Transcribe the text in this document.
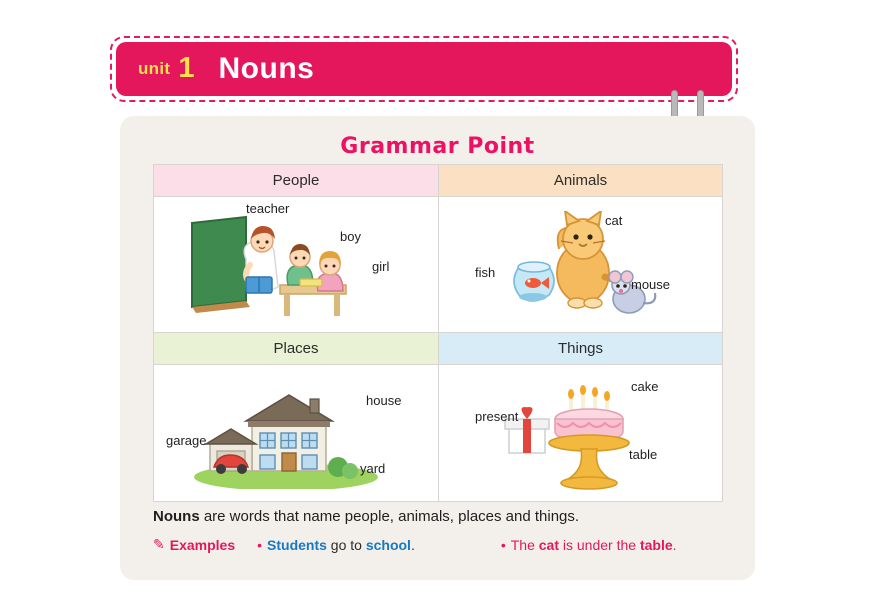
unit 1 Nouns
Grammar Point
People	Animals
teacher
boy
girl
cat
fish
mouse
Places	Things
house
garage
yard
cake
present
table
Nouns are words that name people, animals, places and things.
✎ Examples • Students go to school.	• The cat is under the table.
